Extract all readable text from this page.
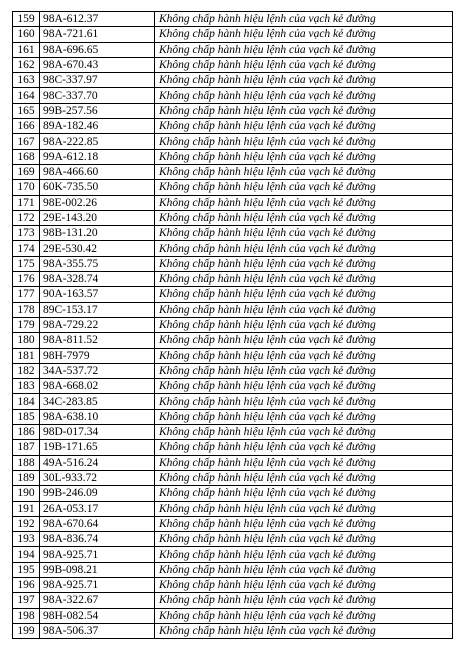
159	98A-612.37	Không chấp hành hiệu lệnh của vạch kẻ đường
160	98A-721.61	Không chấp hành hiệu lệnh của vạch kẻ đường
161	98A-696.65	Không chấp hành hiệu lệnh của vạch kẻ đường
162	98A-670.43	Không chấp hành hiệu lệnh của vạch kẻ đường
163	98C-337.97	Không chấp hành hiệu lệnh của vạch kẻ đường
164	98C-337.70	Không chấp hành hiệu lệnh của vạch kẻ đường
165	99B-257.56	Không chấp hành hiệu lệnh của vạch kẻ đường
166	89A-182.46	Không chấp hành hiệu lệnh của vạch kẻ đường
167	98A-222.85	Không chấp hành hiệu lệnh của vạch kẻ đường
168	99A-612.18	Không chấp hành hiệu lệnh của vạch kẻ đường
169	98A-466.60	Không chấp hành hiệu lệnh của vạch kẻ đường
170	60K-735.50	Không chấp hành hiệu lệnh của vạch kẻ đường
171	98E-002.26	Không chấp hành hiệu lệnh của vạch kẻ đường
172	29E-143.20	Không chấp hành hiệu lệnh của vạch kẻ đường
173	98B-131.20	Không chấp hành hiệu lệnh của vạch kẻ đường
174	29E-530.42	Không chấp hành hiệu lệnh của vạch kẻ đường
175	98A-355.75	Không chấp hành hiệu lệnh của vạch kẻ đường
176	98A-328.74	Không chấp hành hiệu lệnh của vạch kẻ đường
177	90A-163.57	Không chấp hành hiệu lệnh của vạch kẻ đường
178	89C-153.17	Không chấp hành hiệu lệnh của vạch kẻ đường
179	98A-729.22	Không chấp hành hiệu lệnh của vạch kẻ đường
180	98A-811.52	Không chấp hành hiệu lệnh của vạch kẻ đường
181	98H-7979	Không chấp hành hiệu lệnh của vạch kẻ đường
182	34A-537.72	Không chấp hành hiệu lệnh của vạch kẻ đường
183	98A-668.02	Không chấp hành hiệu lệnh của vạch kẻ đường
184	34C-283.85	Không chấp hành hiệu lệnh của vạch kẻ đường
185	98A-638.10	Không chấp hành hiệu lệnh của vạch kẻ đường
186	98D-017.34	Không chấp hành hiệu lệnh của vạch kẻ đường
187	19B-171.65	Không chấp hành hiệu lệnh của vạch kẻ đường
188	49A-516.24	Không chấp hành hiệu lệnh của vạch kẻ đường
189	30L-933.72	Không chấp hành hiệu lệnh của vạch kẻ đường
190	99B-246.09	Không chấp hành hiệu lệnh của vạch kẻ đường
191	26A-053.17	Không chấp hành hiệu lệnh của vạch kẻ đường
192	98A-670.64	Không chấp hành hiệu lệnh của vạch kẻ đường
193	98A-836.74	Không chấp hành hiệu lệnh của vạch kẻ đường
194	98A-925.71	Không chấp hành hiệu lệnh của vạch kẻ đường
195	99B-098.21	Không chấp hành hiệu lệnh của vạch kẻ đường
196	98A-925.71	Không chấp hành hiệu lệnh của vạch kẻ đường
197	98A-322.67	Không chấp hành hiệu lệnh của vạch kẻ đường
198	98H-082.54	Không chấp hành hiệu lệnh của vạch kẻ đường
199	98A-506.37	Không chấp hành hiệu lệnh của vạch kẻ đường
